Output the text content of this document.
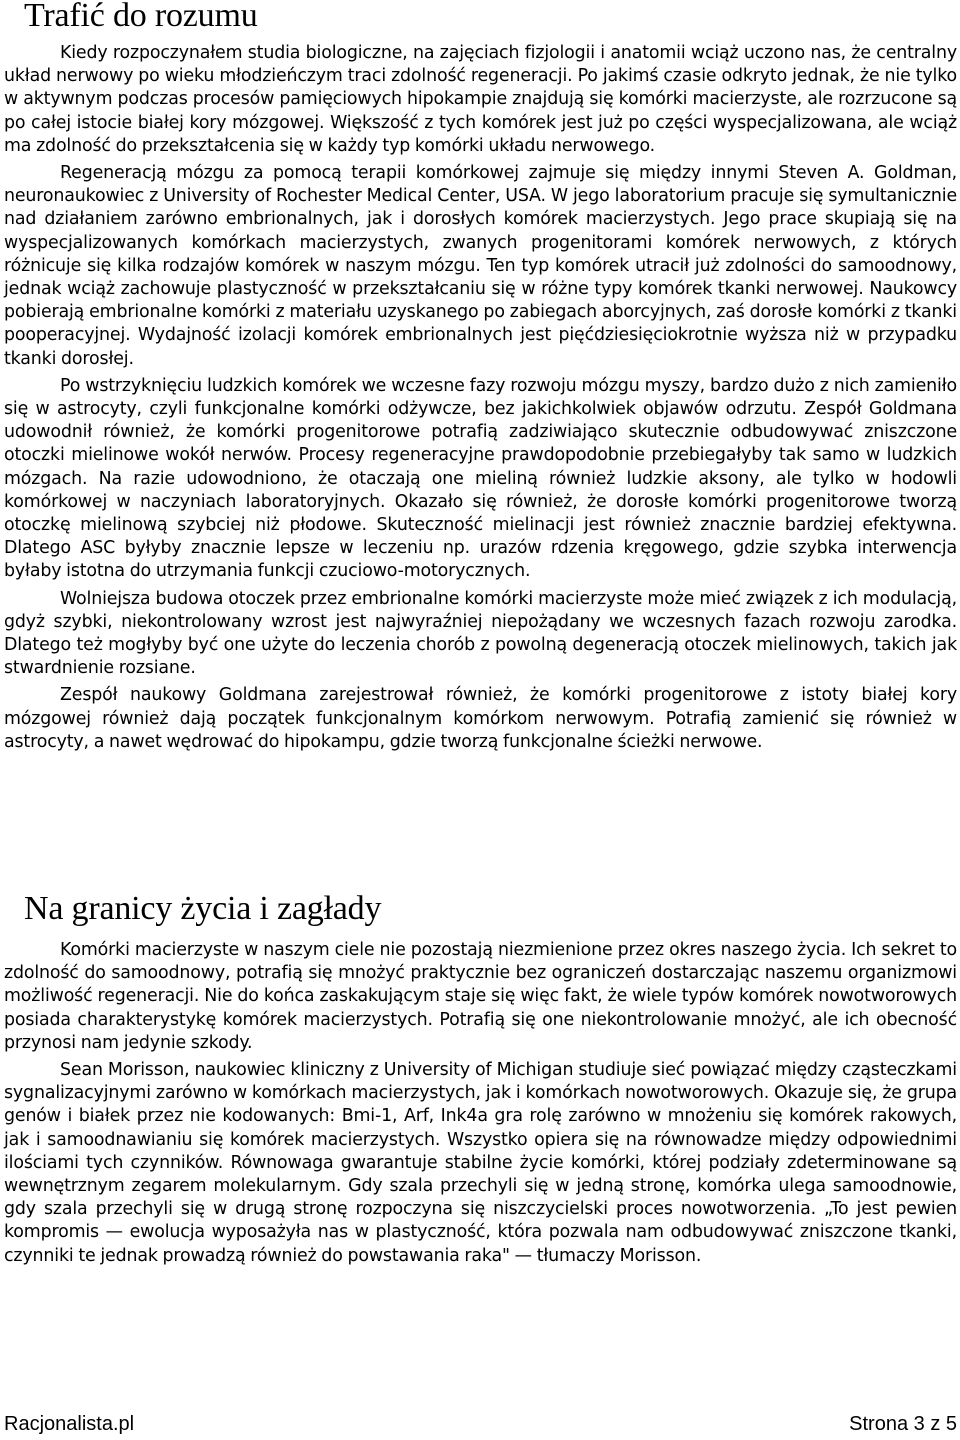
Trafić do rozumu

Kiedy rozpoczynałem studia biologiczne, na zajęciach fizjologii i anatomii wciąż uczono nas, że centralny układ nerwowy po wieku młodzieńczym traci zdolność regeneracji. Po jakimś czasie odkryto jednak, że nie tylko w aktywnym podczas procesów pamięciowych hipokampie znajdują się komórki macierzyste, ale rozrzucone są po całej istocie białej kory mózgowej. Większość z tych komórek jest już po części wyspecjalizowana, ale wciąż ma zdolność do przekształcenia się w każdy typ komórki układu nerwowego.

Regeneracją mózgu za pomocą terapii komórkowej zajmuje się między innymi Steven A. Goldman, neuronaukowiec z University of Rochester Medical Center, USA. W jego laboratorium pracuje się symultanicznie nad działaniem zarówno embrionalnych, jak i dorosłych komórek macierzystych. Jego prace skupiają się na wyspecjalizowanych komórkach macierzystych, zwanych progenitorami komórek nerwowych, z których różnicuje się kilka rodzajów komórek w naszym mózgu. Ten typ komórek utracił już zdolności do samoodnowy, jednak wciąż zachowuje plastyczność w przekształcaniu się w różne typy komórek tkanki nerwowej. Naukowcy pobierają embrionalne komórki z materiału uzyskanego po zabiegach aborcyjnych, zaś dorosłe komórki z tkanki pooperacyjnej. Wydajność izolacji komórek embrionalnych jest pięćdziesięciokrotnie wyższa niż w przypadku tkanki dorosłej.

Po wstrzyknięciu ludzkich komórek we wczesne fazy rozwoju mózgu myszy, bardzo dużo z nich zamieniło się w astrocyty, czyli funkcjonalne komórki odżywcze, bez jakichkolwiek objawów odrzutu. Zespół Goldmana udowodnił również, że komórki progenitorowe potrafią zadziwiająco skutecznie odbudowywać zniszczone otoczki mielinowe wokół nerwów. Procesy regeneracyjne prawdopodobnie przebiegałyby tak samo w ludzkich mózgach. Na razie udowodniono, że otaczają one mieliną również ludzkie aksony, ale tylko w hodowli komórkowej w naczyniach laboratoryjnych. Okazało się również, że dorosłe komórki progenitorowe tworzą otoczkę mielinową szybciej niż płodowe. Skuteczność mielinacji jest również znacznie bardziej efektywna. Dlatego ASC byłyby znacznie lepsze w leczeniu np. urazów rdzenia kręgowego, gdzie szybka interwencja byłaby istotna do utrzymania funkcji czuciowo-motorycznych.

Wolniejsza budowa otoczek przez embrionalne komórki macierzyste może mieć związek z ich modulacją, gdyż szybki, niekontrolowany wzrost jest najwyraźniej niepożądany we wczesnych fazach rozwoju zarodka. Dlatego też mogłyby być one użyte do leczenia chorób z powolną degeneracją otoczek mielinowych, takich jak stwardnienie rozsiane.

Zespół naukowy Goldmana zarejestrował również, że komórki progenitorowe z istoty białej kory mózgowej również dają początek funkcjonalnym komórkom nerwowym. Potrafią zamienić się również w astrocyty, a nawet wędrować do hipokampu, gdzie tworzą funkcjonalne ścieżki nerwowe.

Na granicy życia i zagłady

Komórki macierzyste w naszym ciele nie pozostają niezmienione przez okres naszego życia. Ich sekret to zdolność do samoodnowy, potrafią się mnożyć praktycznie bez ograniczeń dostarczając naszemu organizmowi możliwość regeneracji. Nie do końca zaskakującym staje się więc fakt, że wiele typów komórek nowotworowych posiada charakterystykę komórek macierzystych. Potrafią się one niekontrolowanie mnożyć, ale ich obecność przynosi nam jedynie szkody.

Sean Morisson, naukowiec kliniczny z University of Michigan studiuje sieć powiązać między cząsteczkami sygnalizacyjnymi zarówno w komórkach macierzystych, jak i komórkach nowotworowych. Okazuje się, że grupa genów i białek przez nie kodowanych: Bmi-1, Arf, Ink4a gra rolę zarówno w mnożeniu się komórek rakowych, jak i samoodnawianiu się komórek macierzystych. Wszystko opiera się na równowadze między odpowiednimi ilościami tych czynników. Równowaga gwarantuje stabilne życie komórki, której podziały zdeterminowane są wewnętrznym zegarem molekularnym. Gdy szala przechyli się w jedną stronę, komórka ulega samoodnowie, gdy szala przechyli się w drugą stronę rozpoczyna się niszczycielski proces nowotworzenia. „To jest pewien kompromis — ewolucja wyposażyła nas w plastyczność, która pozwala nam odbudowywać zniszczone tkanki, czynniki te jednak prowadzą również do powstawania raka" — tłumaczy Morisson.

Racjonalista.pl	Strona 3 z 5
